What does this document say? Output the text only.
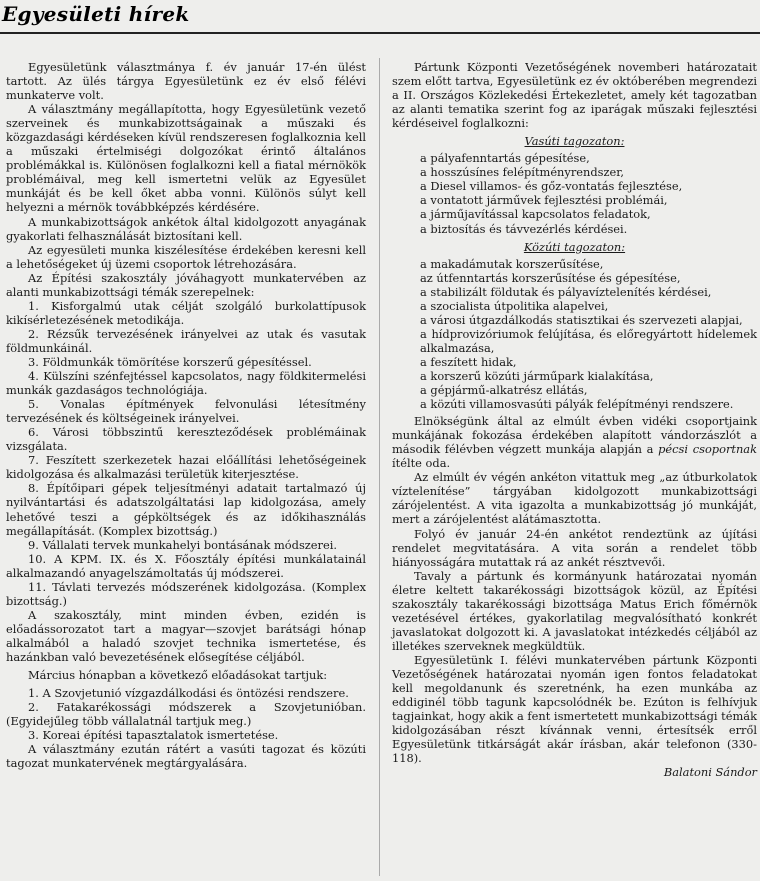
Egyesületi hírek

Egyesületünk választmánya f. év január 17-én ülést tartott. Az ülés tárgya Egyesületünk ez év első félévi munkaterve volt.

A választmány megállapította, hogy Egyesületünk vezető szerveinek és munkabizottságainak a műszaki és közgazdasági kérdéseken kívül rendszeresen foglalkoznia kell a műszaki értelmiségi dolgozókat érintő általános problémákkal is. Különösen foglalkozni kell a fiatal mérnökök problémáival, meg kell ismertetni velük az Egyesület munkáját és be kell őket abba vonni. Különös súlyt kell helyezni a mérnök továbbképzés kérdésére.

A munkabizottságok ankétok által kidolgozott anyagának gyakorlati felhasználását biztosítani kell.

Az egyesületi munka kiszélesítése érdekében keresni kell a lehetőségeket új üzemi csoportok létrehozására.

Az Építési szakosztály jóváhagyott munkatervében az alanti munkabizottsági témák szerepelnek:

1. Kisforgalmú utak célját szolgáló burkolattípusok kikísérletezésének metodikája.

2. Rézsűk tervezésének irányelvei az utak és vasutak földmunkáinál.

3. Földmunkák tömörítése korszerű gépesítéssel.

4. Külszíni szénfejtéssel kapcsolatos, nagy földkitermelési munkák gazdaságos technológiája.

5. Vonalas építmények felvonulási létesítmény tervezésének és költségeinek irányelvei.

6. Városi többszintű kereszteződések problémáinak vizsgálata.

7. Feszített szerkezetek hazai előállítási lehetőségeinek kidolgozása és alkalmazási területük kiterjesztése.

8. Építőipari gépek teljesítményi adatait tartalmazó új nyilvántartási és adatszolgáltatási lap kidolgozása, amely lehetővé teszi a gépköltségek és az időkihasználás megállapítását. (Komplex bizottság.)

9. Vállalati tervek munkahelyi bontásának módszerei.

10. A KPM. IX. és X. Főosztály építési munkálatainál alkalmazandó anyagelszámoltatás új módszerei.

11. Távlati tervezés módszerének kidolgozása. (Komplex bizottság.)

A szakosztály, mint minden évben, ezidén is előadássorozatot tart a magyar—szovjet barátsági hónap alkalmából a haladó szovjet technika ismertetése, és hazánkban való bevezetésének elősegítése céljából.

Március hónapban a következő előadásokat tartjuk:

1. A Szovjetunió vízgazdálkodási és öntözési rendszere.

2. Fatakarékossági módszerek a Szovjetunióban. (Egyidejűleg több vállalatnál tartjuk meg.)

3. Koreai építési tapasztalatok ismertetése.

A választmány ezután rátért a vasúti tagozat és közúti tagozat munkatervének megtárgyalására.

Pártunk Központi Vezetőségének novemberi határozatait szem előtt tartva, Egyesületünk ez év októberében megrendezi a II. Országos Közlekedési Értekezletet, amely két tagozatban az alanti tematika szerint fog az iparágak műszaki fejlesztési kérdéseivel foglalkozni:

Vasúti tagozaton:

a pályafenntartás gépesítése,
a hosszúsínes felépítményrendszer,
a Diesel villamos- és gőz-vontatás fejlesztése,
a vontatott járművek fejlesztési problémái,
a járműjavítással kapcsolatos feladatok,
a biztosítás és távvezérlés kérdései.

Közúti tagozaton:

a makadámutak korszerűsítése,
az útfenntartás korszerűsítése és gépesítése,
a stabilizált földutak és pályavíztelenítés kérdései,
a szocialista útpolitika alapelvei,
a városi útgazdálkodás statisztikai és szervezeti alapjai,
a hídprovizóriumok felújítása, és előregyártott hídelemek alkalmazása,
a feszített hidak,
a korszerű közúti járműpark kialakítása,
a gépjármű-alkatrész ellátás,
a közúti villamosvasúti pályák felépítményi rendszere.

Elnökségünk által az elmúlt évben vidéki csoportjaink munkájának fokozása érdekében alapított vándorzászlót a második félévben végzett munkája alapján a pécsi csoportnak ítélte oda.

Az elmúlt év végén ankéton vitattuk meg „az útburkolatok víztelenítése” tárgyában kidolgozott munkabizottsági zárójelentést. A vita igazolta a munkabizottság jó munkáját, mert a zárójelentést alátámasztotta.

Folyó év január 24-én ankétot rendeztünk az újítási rendelet megvitatására. A vita során a rendelet több hiányosságára mutattak rá az ankét résztvevői.

Tavaly a pártunk és kormányunk határozatai nyomán életre keltett takarékossági bizottságok közül, az Építési szakosztály takarékossági bizottsága Matus Erich főmérnök vezetésével értékes, gyakorlatilag megvalósítható konkrét javaslatokat dolgozott ki. A javaslatokat intézkedés céljából az illetékes szerveknek megküldtük.

Egyesületünk I. félévi munkatervében pártunk Központi Vezetőségének határozatai nyomán igen fontos feladatokat kell megoldanunk és szeretnénk, ha ezen munkába az eddiginél több tagunk kapcsolódnék be. Ezúton is felhívjuk tagjainkat, hogy akik a fent ismertetett munkabizottsági témák kidolgozásában részt kívánnak venni, értesítsék erről Egyesületünk titkárságát akár írásban, akár telefonon (330-118).

Balatoni Sándor
